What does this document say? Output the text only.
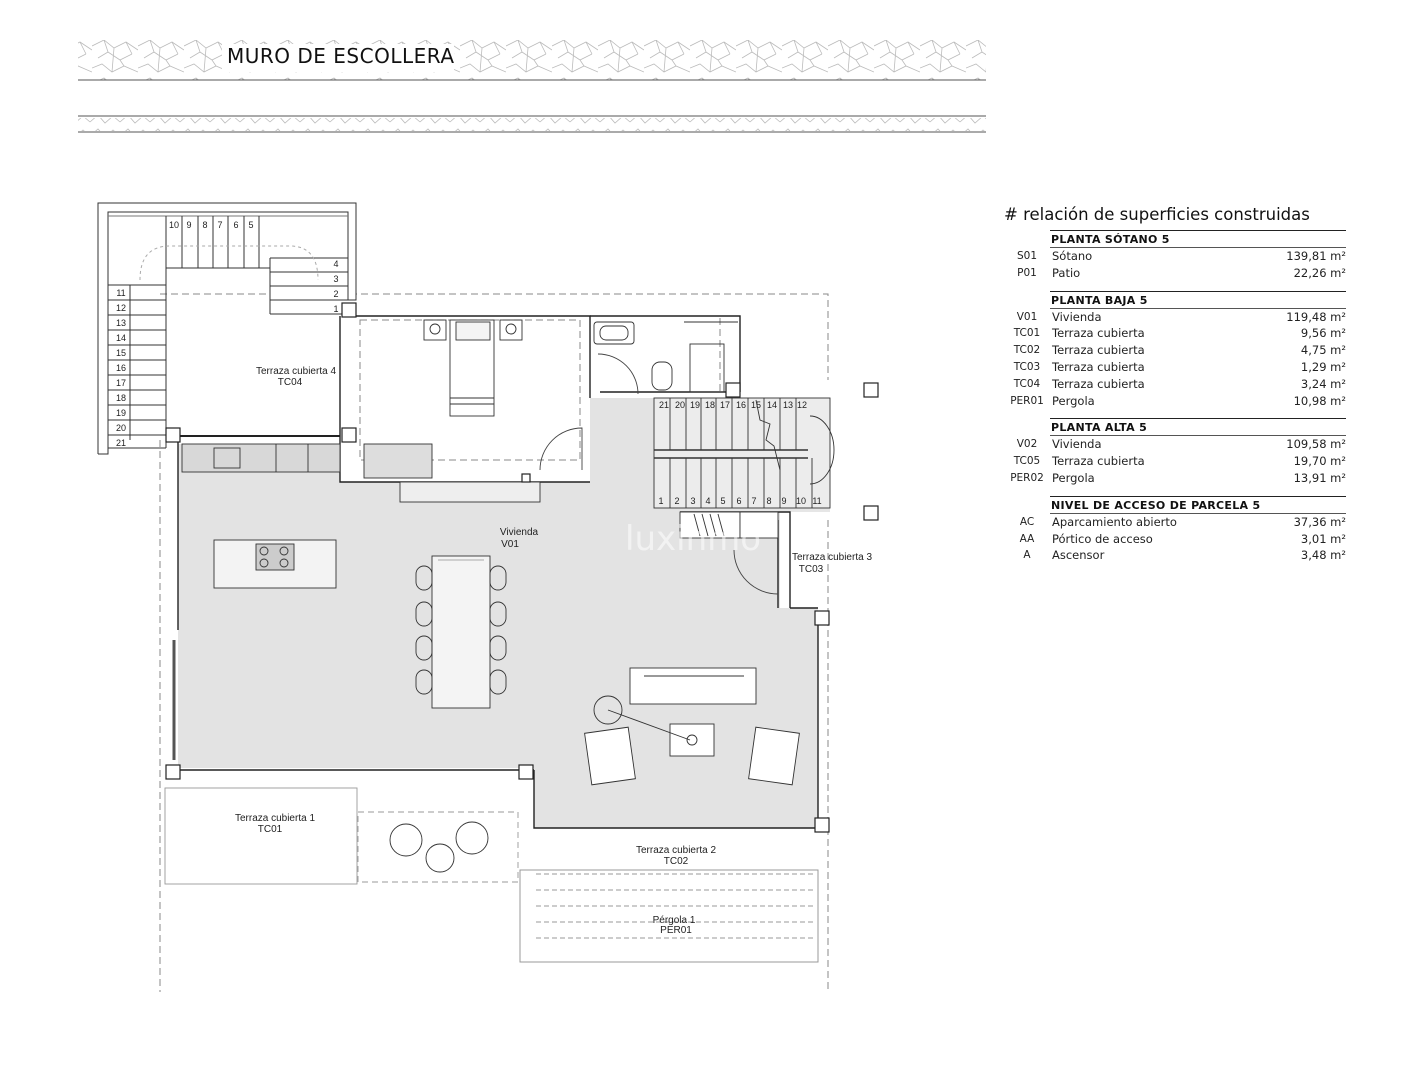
MURO DE ESCOLLERA
Terraza cubierta 4
TC04
Vivienda
V01
Terraza cubierta 3
TC03
Terraza cubierta 1
TC01
Terraza cubierta 2
TC02
Pérgola 1
PER01
luxinmo
10 9 8 7 6 5
4
3
2
1
11
12
13
14
15
16
17
18
19
20
21
21 20 19 18 17 16 15 14 13 12
1 2 3 4 5 6 7 8 9 10 11
# relación de superficies construidas
PLANTA SÓTANO 5
S01	Sótano	139,81 m²
P01	Patio	22,26 m²
PLANTA BAJA 5
V01	Vivienda	119,48 m²
TC01	Terraza cubierta	9,56 m²
TC02	Terraza cubierta	4,75 m²
TC03	Terraza cubierta	1,29 m²
TC04	Terraza cubierta	3,24 m²
PER01 Pergola	10,98 m²
PLANTA ALTA 5
V02	Vivienda	109,58 m²
TC05	Terraza cubierta	19,70 m²
PER02 Pergola	13,91 m²
NIVEL DE ACCESO DE PARCELA 5
AC	Aparcamiento abierto	37,36 m²
AA	Pórtico de acceso	3,01 m²
A	Ascensor	3,48 m²
